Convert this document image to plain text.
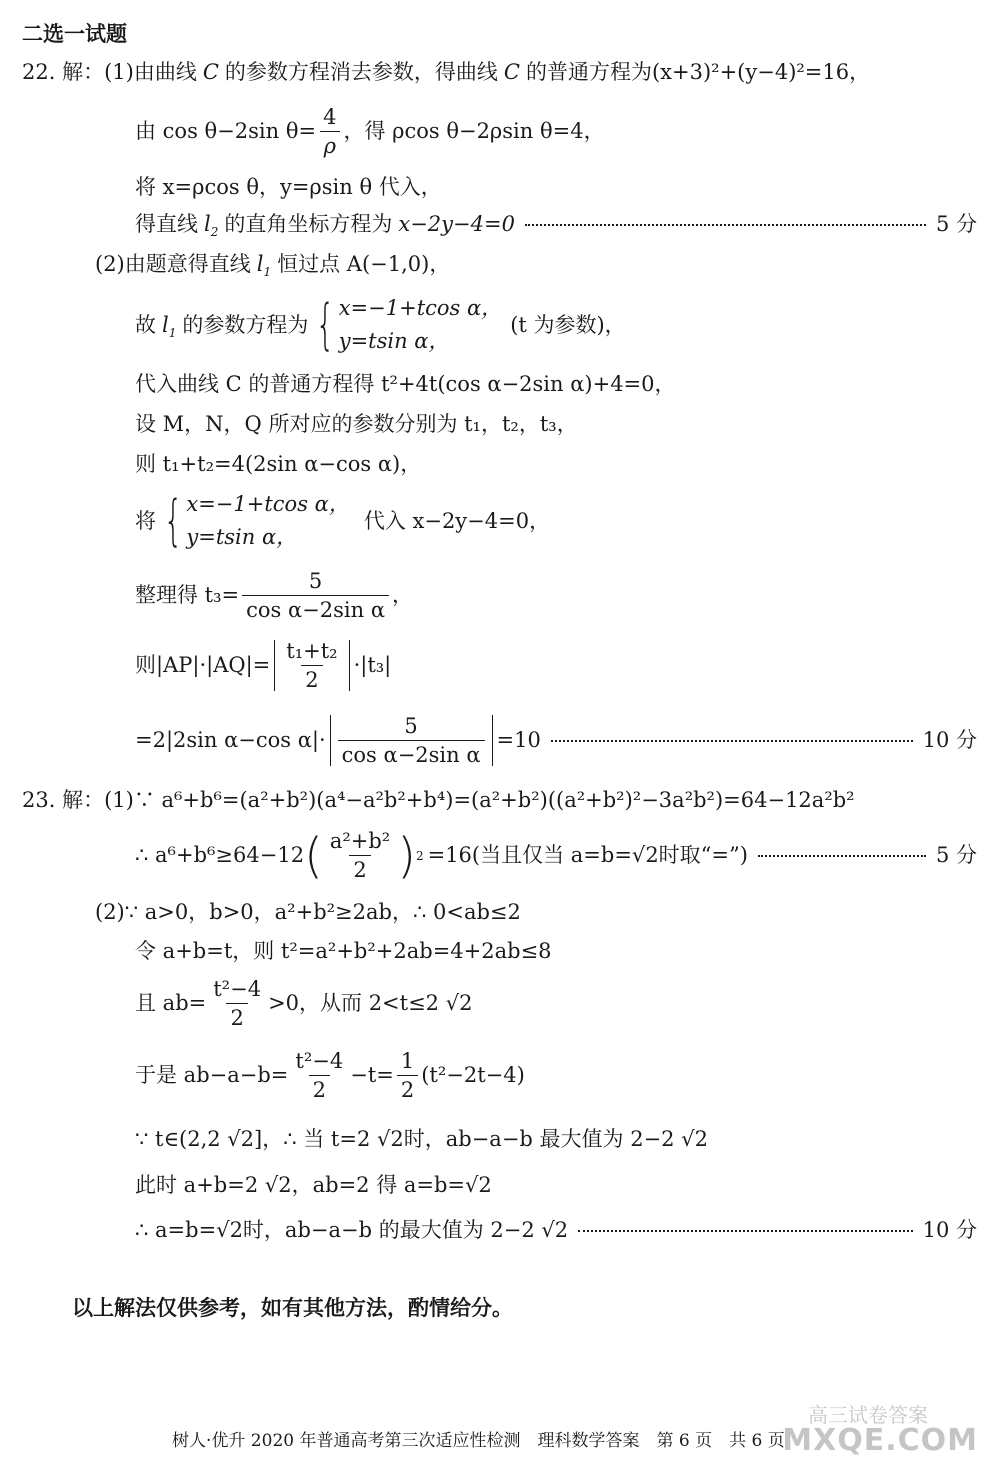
二选一试题
22. 解： (1)由曲线 C 的参数方程消去参数，得曲线 C 的普通方程为 (x+3)²+(y−4)²=16，
由 cos θ−2sin $\theta= \frac{4}{\rho}$ ，得 ρcos θ−2ρsin θ=4，
将 x=ρcos θ，y=ρsin θ 代入，
得直线 $l_2$ 的直角坐标方程为 x−2y−4=0	5 分
(2)由题意得直线 $l_1$ 恒过点 A(−1,0)，
故 $l_1$ 的参数方程为 { x=−1+tcos α，
y=tsin α，
(t 为参数)，
代入曲线 C 的普通方程得 t²+4t(cos α−2sin α)+4=0，
设 M，N，Q 所对应的参数分别为 t₁，t₂，t₃，
则 t₁+t₂=4(2sin α−cos α)，
将 { x=−1+tcos α，
y=tsin α，
代入 x−2y−4=0，
整理得 $t_3= \frac{5}{\text{cos α−2sin α}}$ ，
则$|AP|\cdot|AQ|= \frac{\text{t₁+t₂}}{2} \cdot|t_3|$
=2|2sin α−cos $\alpha|\cdot \frac{5}{\text{cos α−2sin α}} =10$	10 分
23. 解：(1)∵ a⁶+b⁶=(a²+b²)(a⁴−a²b²+b⁴)=(a²+b²)((a²+b²)²−3a²b²)=64−12a²b²
∴ a⁶+b⁶≥64−12 ( $\frac{\text{a²+b²}}{2}$ ) 2 =16(当且仅当 a=b=√2时取“=”)	5 分
(2)∵ a>0，b>0，a²+b²≥2ab，∴ 0<ab≤2
令 a+b=t，则 t²=a²+b²+2ab=4+2ab≤8
且 $ab= \frac{\text{t²−4}}{2} >0$，从而 2<t≤2 √2
于是 $ab-a-b= \frac{\text{t²−4}}{2} -t= \frac{1}{2} (t^2-2t-4)$
∵ t∈(2,2 √2]，∴ 当 t=2 √2时，ab−a−b 最大值为 2−2 √2
此时 a+b=2 √2，ab=2 得 a=b=√2
∴ a=b=√2时，ab−a−b 的最大值为 2−2 √2	10 分
以上解法仅供参考，如有其他方法，酌情给分。
树人·优升 2020 年普通高考第三次适应性检测　理科数学答案　第 6 页　共 6 页
高三试卷答案
MXQE.COM
